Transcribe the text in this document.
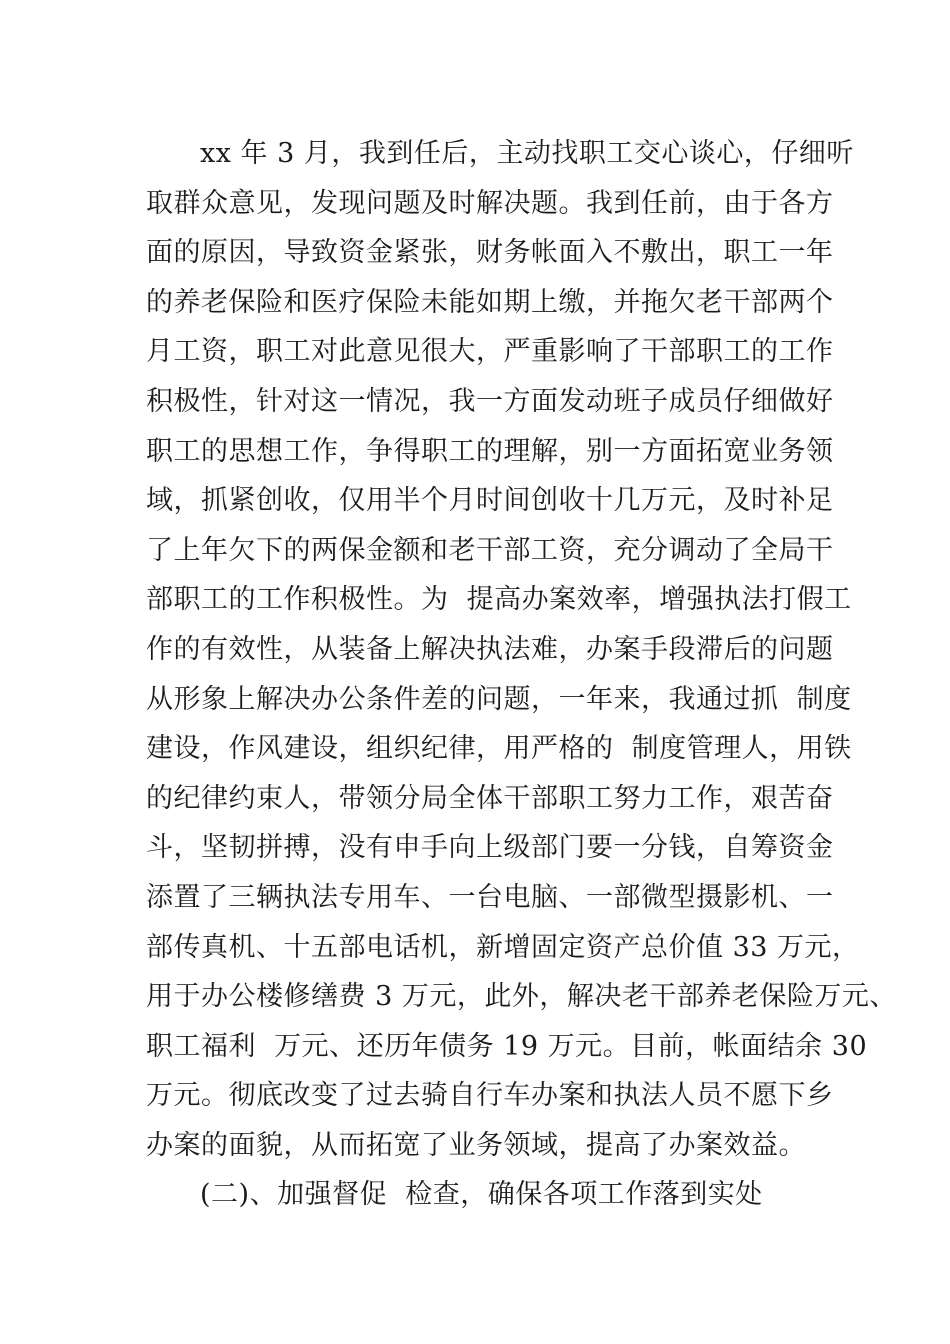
xx 年 3 月，我到任后，主动找职工交心谈心，仔细听
取群众意见，发现问题及时解决题。我到任前，由于各方
面的原因，导致资金紧张，财务帐面入不敷出，职工一年
的养老保险和医疗保险未能如期上缴，并拖欠老干部两个
月工资，职工对此意见很大，严重影响了干部职工的工作
积极性，针对这一情况，我一方面发动班子成员仔细做好
职工的思想工作，争得职工的理解，别一方面拓宽业务领
域，抓紧创收，仅用半个月时间创收十几万元，及时补足
了上年欠下的两保金额和老干部工资，充分调动了全局干
部职工的工作积极性。为  提高办案效率，增强执法打假工
作的有效性，从装备上解决执法难，办案手段滞后的问题
从形象上解决办公条件差的问题，一年来，我通过抓  制度
建设，作风建设，组织纪律，用严格的  制度管理人，用铁
的纪律约束人，带领分局全体干部职工努力工作，艰苦奋
斗，坚韧拼搏，没有申手向上级部门要一分钱，自筹资金
添置了三辆执法专用车、一台电脑、一部微型摄影机、一
部传真机、十五部电话机，新增固定资产总价值 33 万元，
用于办公楼修缮费 3 万元，此外，解决老干部养老保险万元、
职工福利  万元、还历年债务 19 万元。目前，帐面结余 30
万元。彻底改变了过去骑自行车办案和执法人员不愿下乡
办案的面貌，从而拓宽了业务领域，提高了办案效益。
(二)、加强督促  检查，确保各项工作落到实处
